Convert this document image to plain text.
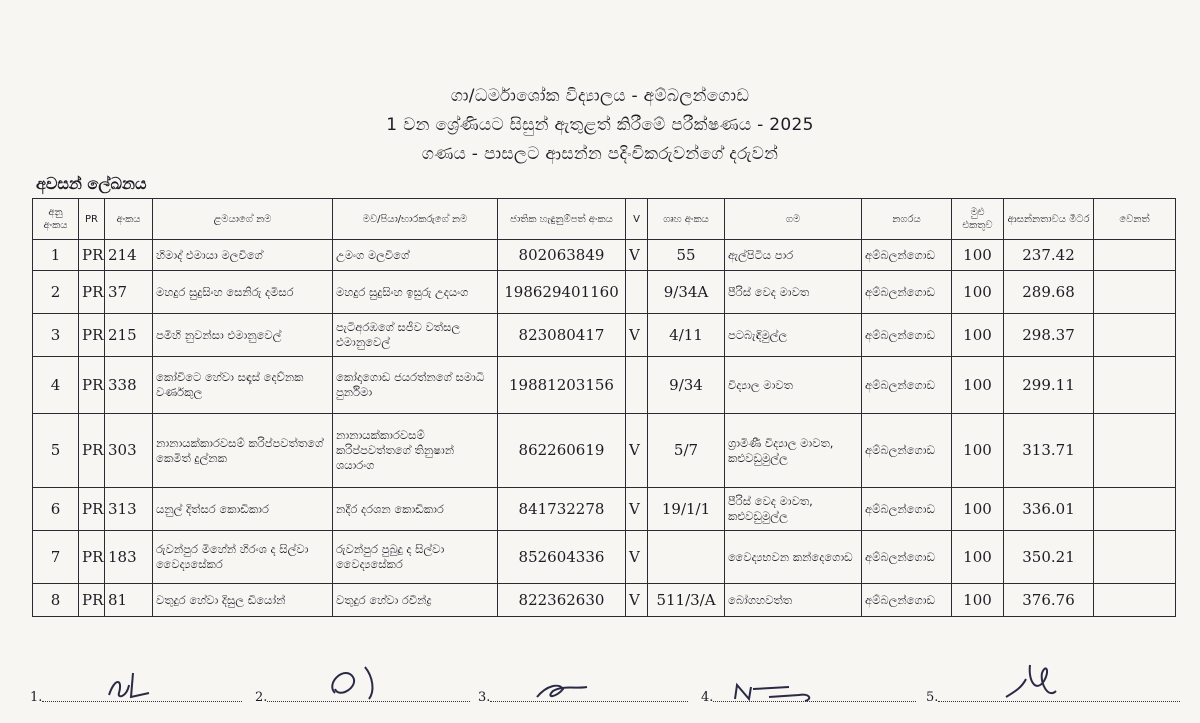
ගා/ධර්මාශෝක විද්‍යාලය - අම්බලන්ගොඩ
1 වන ශ්‍රේණියට සිසුන් ඇතුළත් කිරීමේ පරීක්ෂණය - 2025
ගණය - පාසලට ආසන්න පදිංචිකරුවන්ගේ දරුවන්
අවසන් ලේඛනය
අනු අංකය	PR	අංකය	ළමයාගේ නම	මව/පියා/භාරකරුගේ නම	ජාතික හැඳුනුම්පත් අංකය	V	ගෘහ අංකය	ගම	නගරය	මුළු එකතුව	ආසන්නතාවය මීටර	වෙනත්
1	PR	214	හිමාද් එමායා මලවිගේ	උමංග මලවිගේ	802063849	V	55	ඇල්පිටිය පාර	අම්බලන්ගොඩ	100	237.42	
2	PR	37	මහදුර සුදුසිංහ සෙනිරු දමිසර	මහදුර සුදුසිංහ ඉසුරු උදයංග	198629401160		9/34A	පීරිස් වෙද මාවත	අම්බලන්ගොඩ	100	289.68	
3	PR	215	පමිහි නුවන්සා එමානුවෙල්	පැටිඅරඹගේ සජීව වත්සල එමානුවෙල්	823080417	V	4/11	පටබැඳිමුල්ල	අම්බලන්ගොඩ	100	298.37	
4	PR	338	කෝවිටෙ හේවා සඳෑස් දෙව්නක වර්ණකුල	කෝදාගොඩ ජයරත්නගේ සමාධි පුර්නිමා	19881203156		9/34	විද්‍යාල මාවත	අම්බලන්ගොඩ	100	299.11	
5	PR	303	නානායක්කාරවසම් කරිප්පවත්තගේ කෙමිත් දුල්නක	නානායක්කාරවසම් කරිප්පවත්තගේ තිනුෂාන් ශයාරංග	862260619	V	5/7	ග්‍රාමිණී විද්‍යාල මාවත, කළුවඩුමුල්ල	අම්බලන්ගොඩ	100	313.71	
6	PR	313	යනුල් දිත්සර කොඩිකාර	නදීර දරශන කොඩිකාර	841732278	V	19/1/1	පීරිස් වෙද මාවත, කළුවඩුමුල්ල	අම්බලන්ගොඩ	100	336.01	
7	PR	183	රුවන්පුර මිහේන් හිරංශ ද සිල්වා වෛද්‍යසේකර	රුවන්පුර පුබුදු ද සිල්වා වෛද්‍යසේකර	852604336	V		වෛද්‍යභවන කන්දෙගොඩ	අම්බලන්ගොඩ	100	350.21	
8	PR	81	වතුදුර හේවා දිසුල ඩියෝන්	වතුදුර හේවා රවීන්ද්‍ර	822362630	V	511/3/A	බෝගහවත්ත	අම්බලන්ගොඩ	100	376.76	
1.	2.	3.	4.	5.
